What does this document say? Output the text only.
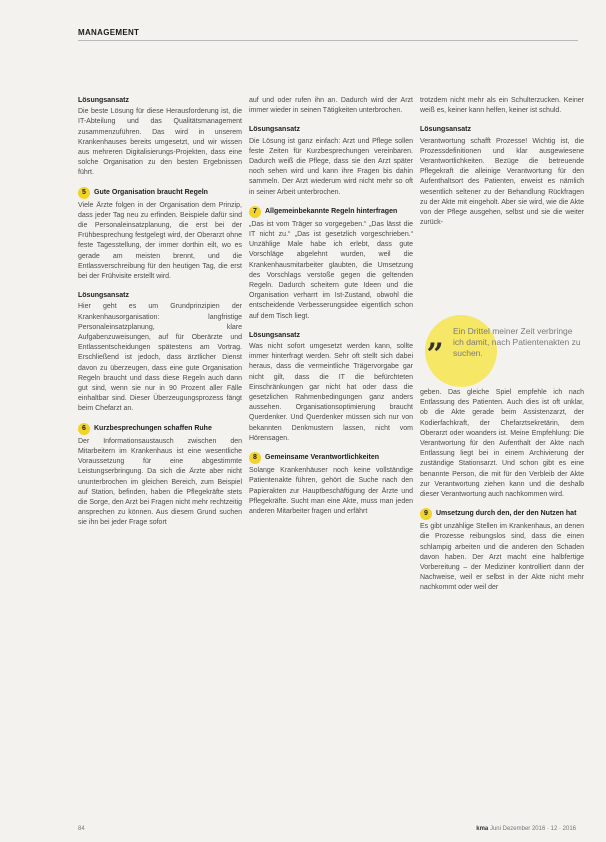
MANAGEMENT
Lösungsansatz
Die beste Lösung für diese Herausforderung ist, die IT-Abteilung und das Qualitätsmanagement zusammenzuführen. Das wird in unserem Krankenhauses bereits umgesetzt, und wir wissen aus mehreren Digitalisierungs-Projekten, dass eine solche Organisation zu den besten Ergebnissen führt.
5	Gute Organisation braucht Regeln
Viele Ärzte folgen in der Organisation dem Prinzip, dass jeder Tag neu zu erfinden. Beispiele dafür sind die Personaleinsatzplanung, die erst bei der Frühbesprechung festgelegt wird, der Oberarzt ohne feste Tagesstellung, der immer dorthin eilt, wo es gerade am meisten brennt, und die Entlassverschreibung für den heutigen Tag, die erst bei der Frühvisite erstellt wird.
Lösungsansatz
Hier geht es um Grundprinzipien der Krankenhausorganisation: langfristige Personaleinsatzplanung, klare Aufgabenzuweisungen, auf für Oberärzte und Entlassentscheidungen spätestens am Vortrag. Erschließend ist jedoch, dass ärztlicher Dienst davon zu überzeugen, dass eine gute Organisation Regeln braucht und dass diese Regeln auch dann gut sind, wenn sie nur in 90 Prozent aller Fälle einhaltbar sind. Dieser Überzeugungsprozess fängt beim Chefarzt an.
6	Kurzbesprechungen schaffen Ruhe
Der Informationsaustausch zwischen den Mitarbeitern im Krankenhaus ist eine wesentliche Voraussetzung für eine abgestimmte Leistungserbringung. Da sich die Ärzte aber nicht ununterbrochen im gleichen Bereich, zum Beispiel auf Station, befinden, haben die Pflegekräfte stets die Sorge, den Arzt bei Fragen nicht mehr rechtzeitig ansprechen zu können. Aus diesem Grund suchen sie ihn bei jeder Frage sofort
auf und oder rufen ihn an. Dadurch wird der Arzt immer wieder in seinen Tätigkeiten unterbrochen.
Lösungsansatz
Die Lösung ist ganz einfach: Arzt und Pflege sollen feste Zeiten für Kurzbesprechungen vereinbaren. Dadurch weiß die Pflege, dass sie den Arzt später noch sehen wird und kann ihre Fragen bis dahin sammeln. Der Arzt wiederum wird nicht mehr so oft in seiner Arbeit unterbrochen.
7	Allgemeinbekannte Regeln hinterfragen
„Das ist vom Träger so vorgegeben.“ „Das lässt die IT nicht zu.“ „Das ist gesetzlich vorgeschrieben.“ Unzählige Male habe ich erlebt, dass gute Vorschläge abgelehnt wurden, weil die Krankenhausmitarbeiter glaubten, die Umsetzung des Vorschlags verstoße gegen die geltenden Regeln. Dadurch scheitern gute Ideen und die Organisation verharrt im Ist-Zustand, obwohl die entscheidende Verbesserungsidee eigentlich schon auf dem Tisch liegt.
Lösungsansatz
Was nicht sofort umgesetzt werden kann, sollte immer hinterfragt werden. Sehr oft stellt sich dabei heraus, dass die vermeintliche Trägervorgabe gar nicht gilt, dass die IT die befürchteten Einschränkungen gar nicht hat oder dass die gesetzlichen Rahmenbedingungen ganz anders aussehen. Organisationsoptimierung braucht Querdenker. Und Querdenker müssen sich nur von bekannten Denkmustern lassen, nicht vom Hörensagen.
8	Gemeinsame Verantwortlichkeiten
Solange Krankenhäuser noch keine vollständige Patientenakte führen, gehört die Suche nach den Papierakten zur Hauptbeschäftigung der Ärzte und Pflegekräfte. Sucht man eine Akte, muss man jeden anderen Mitarbeiter fragen und erfährt
trotzdem nicht mehr als ein Schulterzucken. Keiner weiß es, keiner kann helfen, keiner ist schuld.
Lösungsansatz
Verantwortung schafft Prozesse! Wichtig ist, die Prozessdefinitionen und klar ausgewiesene Verantwortlichkeiten. Bezüge die betreuende Pflegekraft die alleinige Verantwortung für den Aufenthaltsort des Patienten, erweist es nämlich wesentlich seltener zu der Behandlung Rückfragen zu der Akte mit eingeholt. Aber sie wird, wie die Akte von der Pflege ausgehen, selbst und sie die weiter zurück-
„ Ein Drittel meiner Zeit verbringe ich damit, nach Patientenakten zu suchen.
geben. Das gleiche Spiel empfehle ich nach Entlassung des Patienten. Auch dies ist oft unklar, ob die Akte gerade beim Assistenzarzt, der Kodierfachkraft, der Chefarztsekretärin, dem Oberarzt oder woanders ist. Meine Empfehlung: Die Verantwortung für den Aufenthalt der Akte nach Entlassung liegt bei in einem Archivierung der zuständige Stationsarzt. Und schon gibt es eine benannte Person, die mit für den Verbleib der Akte zur Verantwortung ziehen kann und die deshalb dieser Verantwortung auch nachkommen wird.
9	Umsetzung durch den, der den Nutzen hat
Es gibt unzählige Stellen im Krankenhaus, an denen die Prozesse reibungslos sind, dass die einen schlampig arbeiten und die anderen den Schaden davon haben. Der Arzt macht eine halbfertige Vorbereitung – der Mediziner kontrolliert dann der Nachweise, weil er selbst in der Akte nicht mehr nachkommt oder weil der
84	kma Juni Dezember 2016 · 12 · 2016
